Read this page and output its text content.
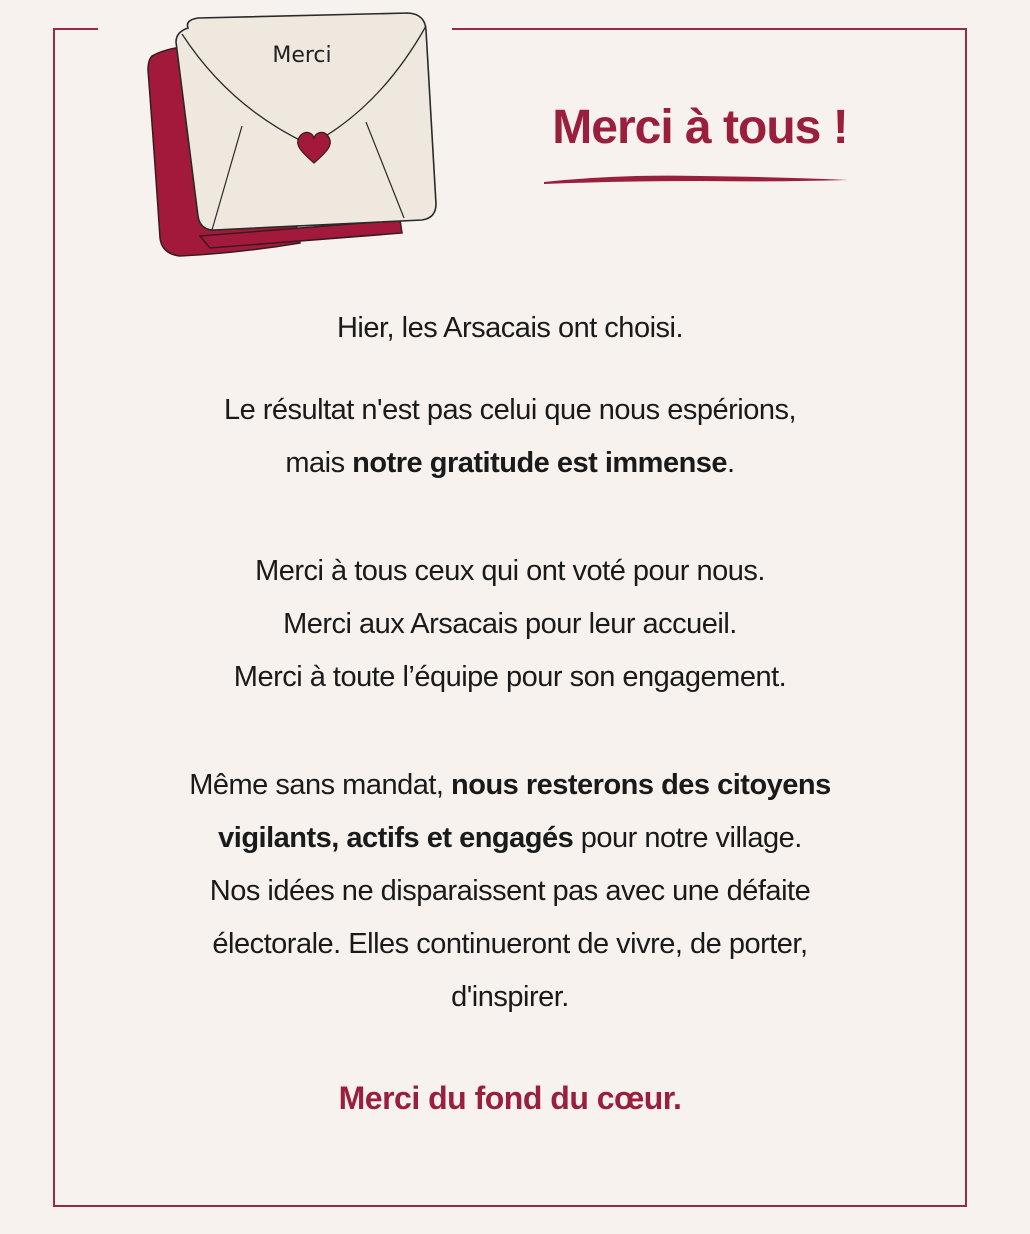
Merci
Merci à tous !
Hier, les Arsacais ont choisi.
Le résultat n'est pas celui que nous espérions,
mais notre gratitude est immense.
Merci à tous ceux qui ont voté pour nous.
Merci aux Arsacais pour leur accueil.
Merci à toute l’équipe pour son engagement.
Même sans mandat, nous resterons des citoyens
vigilants, actifs et engagés pour notre village.
Nos idées ne disparaissent pas avec une défaite
électorale. Elles continueront de vivre, de porter,
d'inspirer.
Merci du fond du cœur.
